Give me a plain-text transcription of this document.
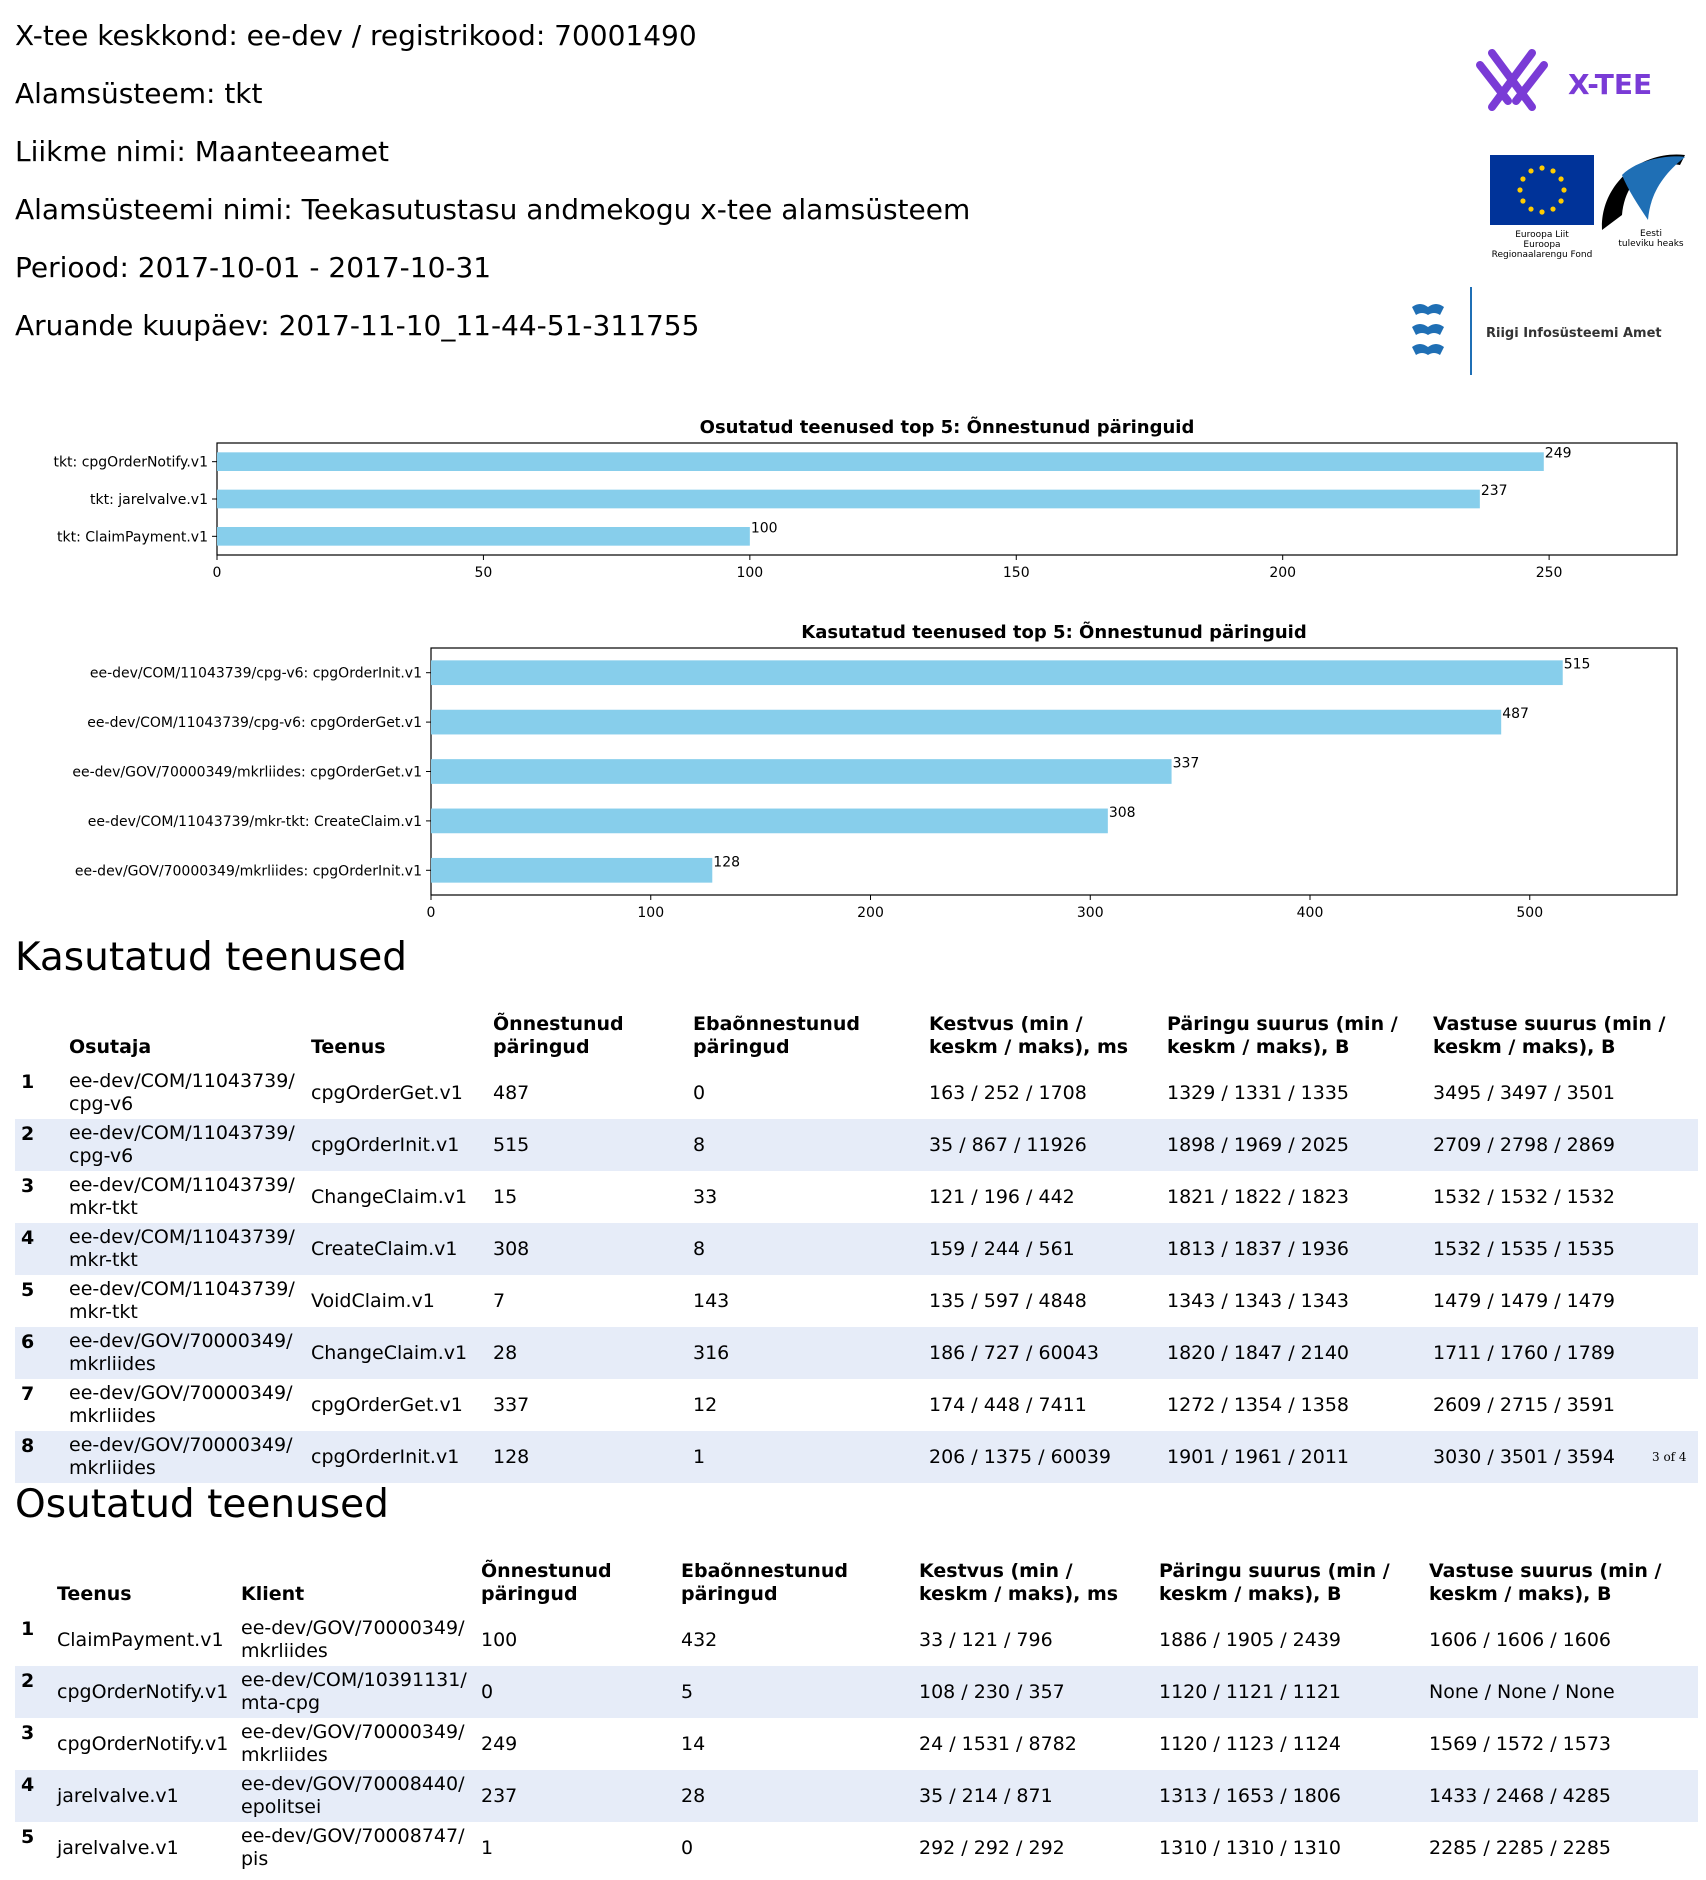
X-tee keskkond: ee-dev / registrikood: 70001490
Alamsüsteem: tkt
Liikme nimi: Maanteeamet
Alamsüsteemi nimi: Teekasutustasu andmekogu x-tee alamsüsteem
Periood: 2017-10-01 - 2017-10-31
Aruande kuupäev: 2017-11-10_11-44-51-311755
X-TEE
Euroopa Liit
Euroopa
Regionaalarengu Fond
Eesti
tuleviku heaks
Riigi Infosüsteemi Amet
Osutatud teenused top 5: Õnnestunud päringuid
249
tkt: cpgOrderNotify.v1
237
tkt: jarelvalve.v1
100
tkt: ClaimPayment.v1
0	50	100	150	200	250
Kasutatud teenused top 5: Õnnestunud päringuid
515
ee-dev/COM/11043739/cpg-v6: cpgOrderInit.v1
487
ee-dev/COM/11043739/cpg-v6: cpgOrderGet.v1
337
ee-dev/GOV/70000349/mkrliides: cpgOrderGet.v1
308
ee-dev/COM/11043739/mkr-tkt: CreateClaim.v1
128
ee-dev/GOV/70000349/mkrliides: cpgOrderInit.v1
0	100	200	300	400	500
Kasutatud teenused
	Osutaja	Teenus	Õnnestunud päringud	Ebaõnnestunud päringud	Kestvus (min / keskm / maks), ms	Päringu suurus (min / keskm / maks), B	Vastuse suurus (min / keskm / maks), B
1	ee-dev/COM/11043739/
cpg-v6	cpgOrderGet.v1	487	0	163 / 252 / 1708	1329 / 1331 / 1335	3495 / 3497 / 3501
2	ee-dev/COM/11043739/
cpg-v6	cpgOrderInit.v1	515	8	35 / 867 / 11926	1898 / 1969 / 2025	2709 / 2798 / 2869
3	ee-dev/COM/11043739/
mkr-tkt	ChangeClaim.v1	15	33	121 / 196 / 442	1821 / 1822 / 1823	1532 / 1532 / 1532
4	ee-dev/COM/11043739/
mkr-tkt	CreateClaim.v1	308	8	159 / 244 / 561	1813 / 1837 / 1936	1532 / 1535 / 1535
5	ee-dev/COM/11043739/
mkr-tkt	VoidClaim.v1	7	143	135 / 597 / 4848	1343 / 1343 / 1343	1479 / 1479 / 1479
6	ee-dev/GOV/70000349/
mkrliides	ChangeClaim.v1	28	316	186 / 727 / 60043	1820 / 1847 / 2140	1711 / 1760 / 1789
7	ee-dev/GOV/70000349/
mkrliides	cpgOrderGet.v1	337	12	174 / 448 / 7411	1272 / 1354 / 1358	2609 / 2715 / 3591
8	ee-dev/GOV/70000349/
mkrliides	cpgOrderInit.v1	128	1	206 / 1375 / 60039	1901 / 1961 / 2011	3030 / 3501 / 3594	3 of 4
Osutatud teenused
	Teenus	Klient	Õnnestunud päringud	Ebaõnnestunud päringud	Kestvus (min / keskm / maks), ms	Päringu suurus (min / keskm / maks), B	Vastuse suurus (min / keskm / maks), B
1	ClaimPayment.v1	ee-dev/GOV/70000349/
mkrliides	100	432	33 / 121 / 796	1886 / 1905 / 2439	1606 / 1606 / 1606
2	cpgOrderNotify.v1	ee-dev/COM/10391131/
mta-cpg	0	5	108 / 230 / 357	1120 / 1121 / 1121	None / None / None
3	cpgOrderNotify.v1	ee-dev/GOV/70000349/
mkrliides	249	14	24 / 1531 / 8782	1120 / 1123 / 1124	1569 / 1572 / 1573
4	jarelvalve.v1	ee-dev/GOV/70008440/
epolitsei	237	28	35 / 214 / 871	1313 / 1653 / 1806	1433 / 2468 / 4285
5	jarelvalve.v1	ee-dev/GOV/70008747/
pis	1	0	292 / 292 / 292	1310 / 1310 / 1310	2285 / 2285 / 2285
